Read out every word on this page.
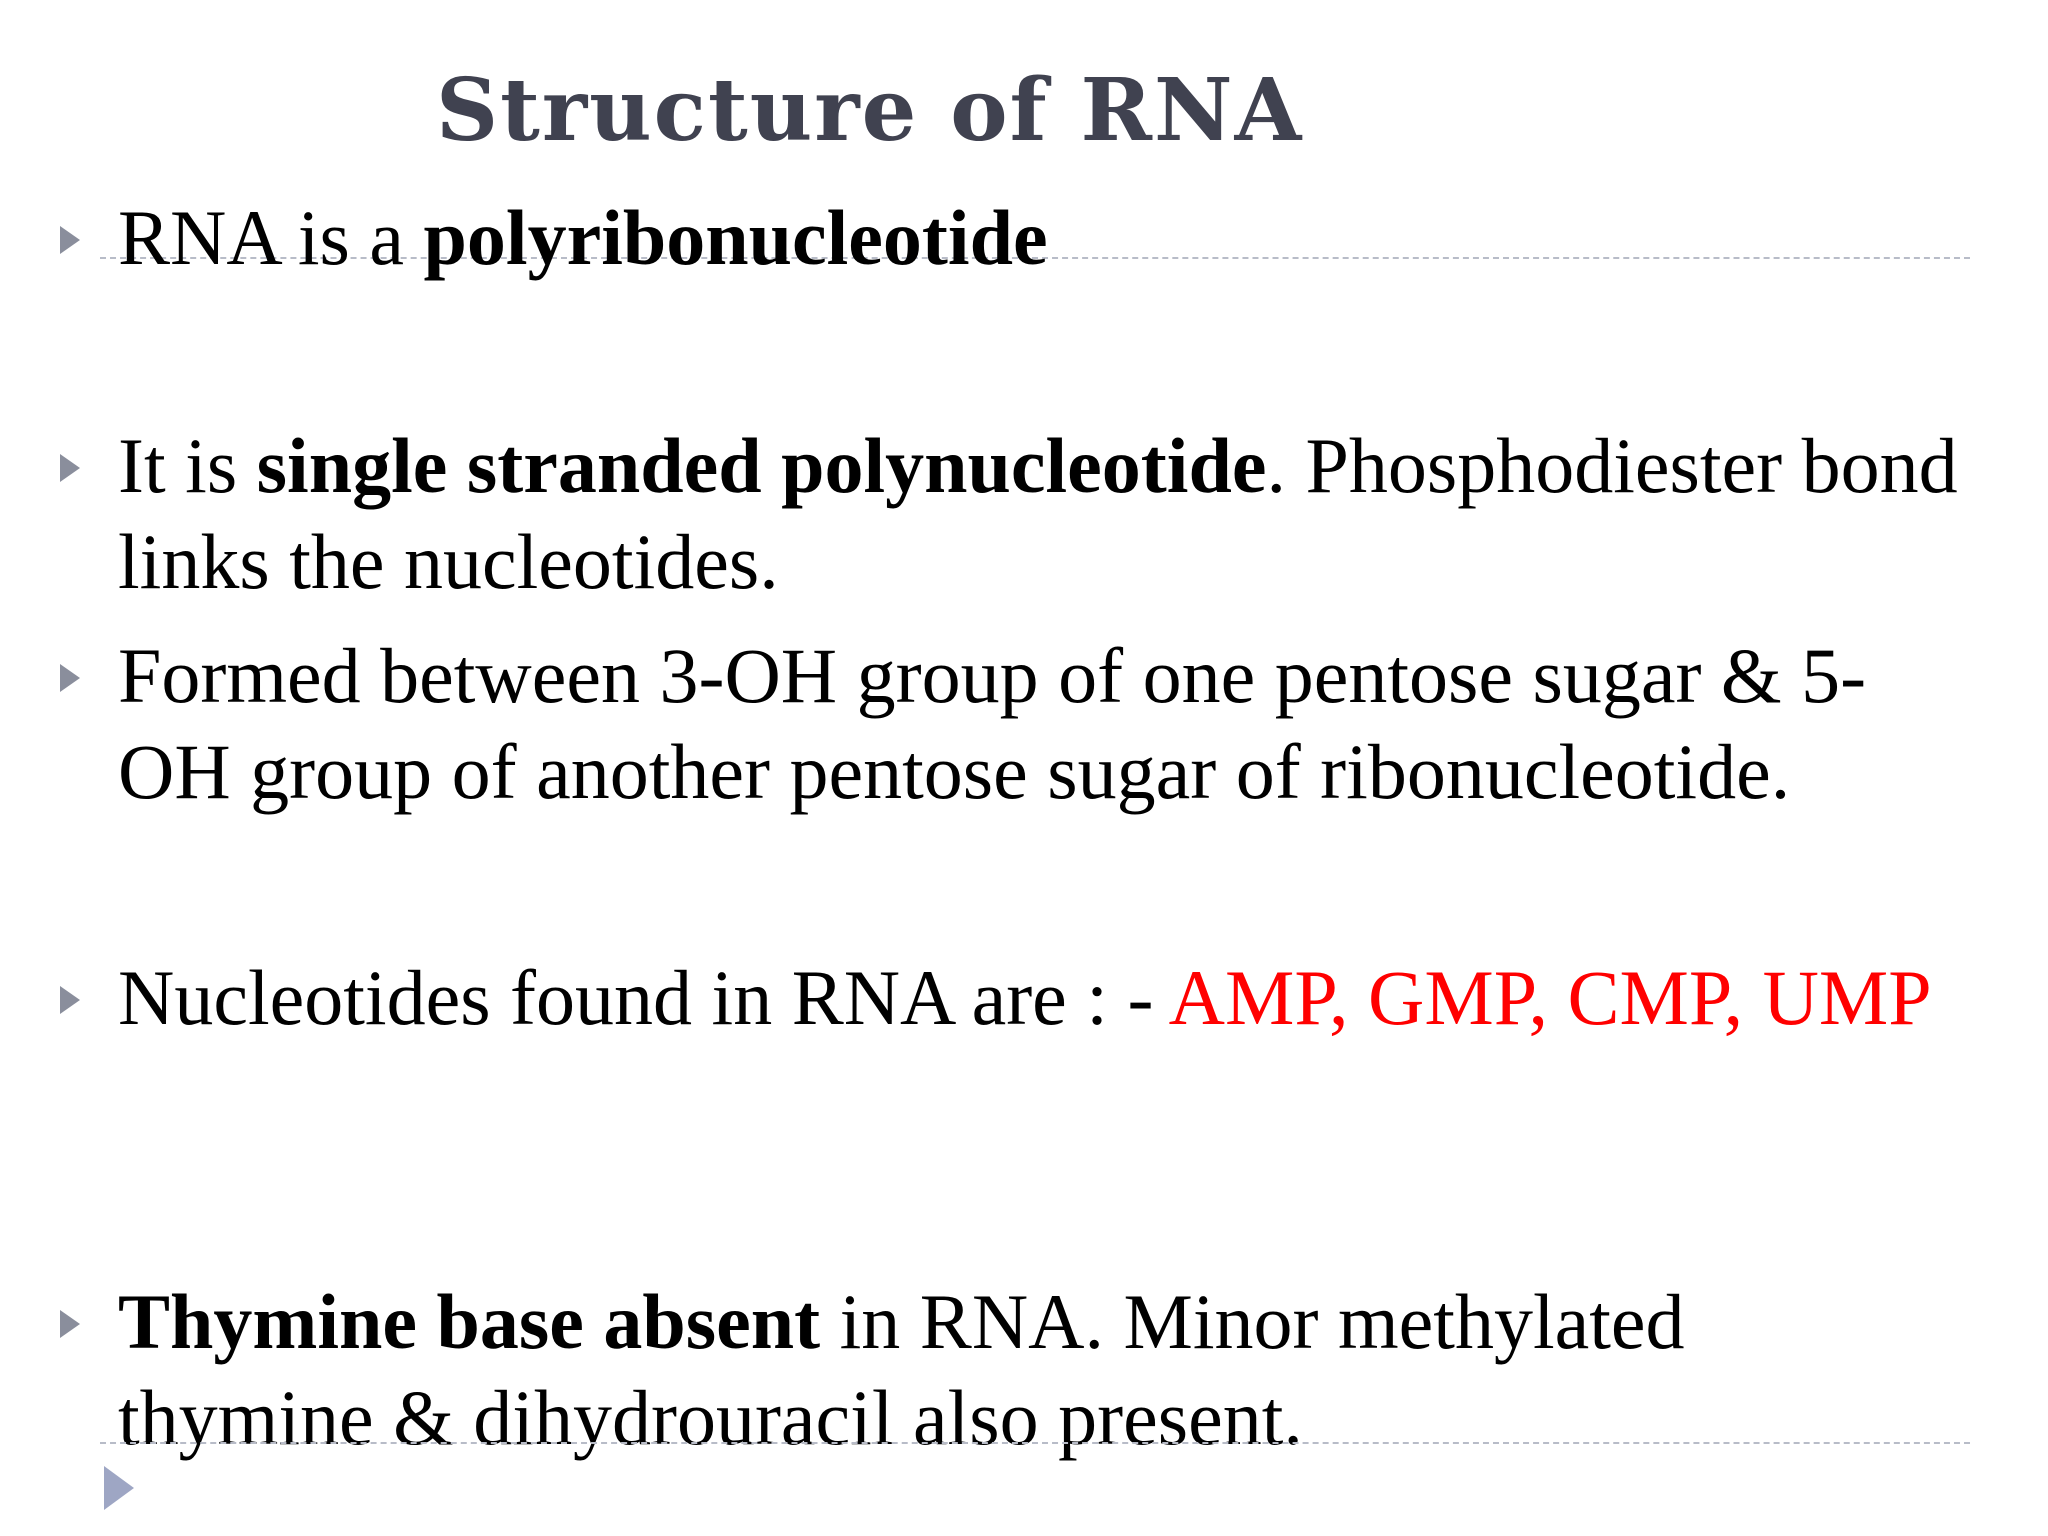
Structure of RNA
RNA is a polyribonucleotide
It is single stranded polynucleotide. Phosphodiester bond links the nucleotides.
Formed between 3-OH group of one pentose sugar & 5-OH group of another pentose sugar of ribonucleotide.
Nucleotides found in RNA are : - AMP, GMP, CMP, UMP
Thymine base absent in RNA. Minor methylated thymine & dihydrouracil also present.
